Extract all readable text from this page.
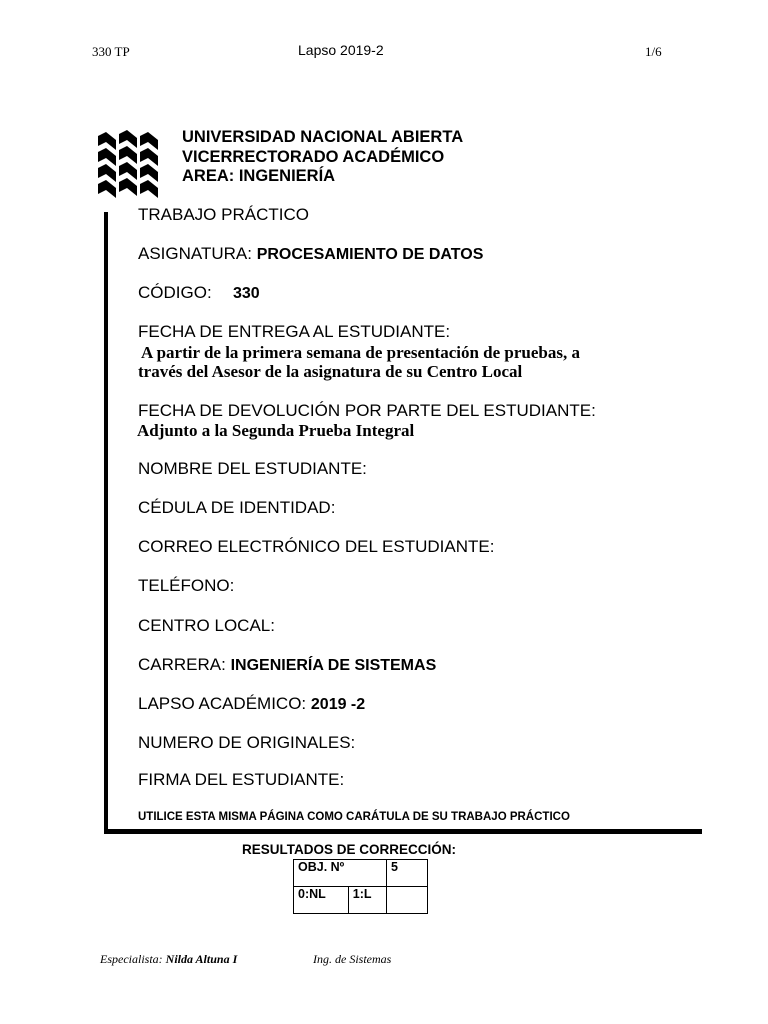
330 TP	Lapso 2019-2	1/6
UNIVERSIDAD NACIONAL ABIERTA
VICERRECTORADO ACADÉMICO
AREA: INGENIERÍA
TRABAJO PRÁCTICO
ASIGNATURA: PROCESAMIENTO DE DATOS
CÓDIGO: 330
FECHA DE ENTREGA AL ESTUDIANTE:
A partir de la primera semana de presentación de pruebas, a
través del Asesor de la asignatura de su Centro Local
FECHA DE DEVOLUCIÓN POR PARTE DEL ESTUDIANTE:
Adjunto a la Segunda Prueba Integral
NOMBRE DEL ESTUDIANTE:
CÉDULA DE IDENTIDAD:
CORREO ELECTRÓNICO DEL ESTUDIANTE:
TELÉFONO:
CENTRO LOCAL:
CARRERA: INGENIERÍA DE SISTEMAS
LAPSO ACADÉMICO: 2019 -2
NUMERO DE ORIGINALES:
FIRMA DEL ESTUDIANTE:
UTILICE ESTA MISMA PÁGINA COMO CARÁTULA DE SU TRABAJO PRÁCTICO
RESULTADOS DE CORRECCIÓN:
OBJ. Nº		5
0:NL	1:L	
Especialista: Nilda Altuna I	Ing. de Sistemas
